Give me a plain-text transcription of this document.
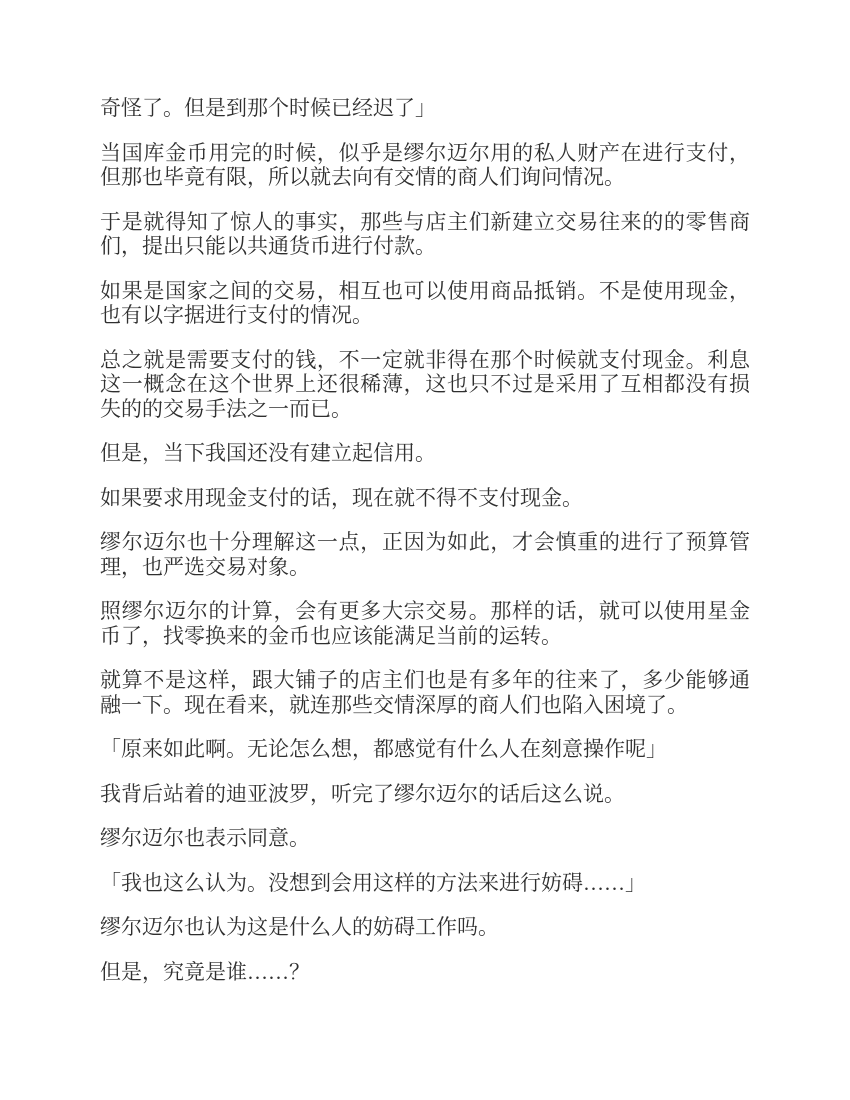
奇怪了。但是到那个时候已经迟了」

当国库金币用完的时候，似乎是缪尔迈尔用的私人财产在进行支付，但那也毕竟有限，所以就去向有交情的商人们询问情况。

于是就得知了惊人的事实，那些与店主们新建立交易往来的的零售商们，提出只能以共通货币进行付款。

如果是国家之间的交易，相互也可以使用商品抵销。不是使用现金，也有以字据进行支付的情况。

总之就是需要支付的钱，不一定就非得在那个时候就支付现金。利息这一概念在这个世界上还很稀薄，这也只不过是采用了互相都没有损失的的交易手法之一而已。

但是，当下我国还没有建立起信用。

如果要求用现金支付的话，现在就不得不支付现金。

缪尔迈尔也十分理解这一点，正因为如此，才会慎重的进行了预算管理，也严选交易对象。

照缪尔迈尔的计算，会有更多大宗交易。那样的话，就可以使用星金币了，找零换来的金币也应该能满足当前的运转。

就算不是这样，跟大铺子的店主们也是有多年的往来了，多少能够通融一下。现在看来，就连那些交情深厚的商人们也陷入困境了。

「原来如此啊。无论怎么想，都感觉有什么人在刻意操作呢」

我背后站着的迪亚波罗，听完了缪尔迈尔的话后这么说。

缪尔迈尔也表示同意。

「我也这么认为。没想到会用这样的方法来进行妨碍……」

缪尔迈尔也认为这是什么人的妨碍工作吗。

但是，究竟是谁……？
